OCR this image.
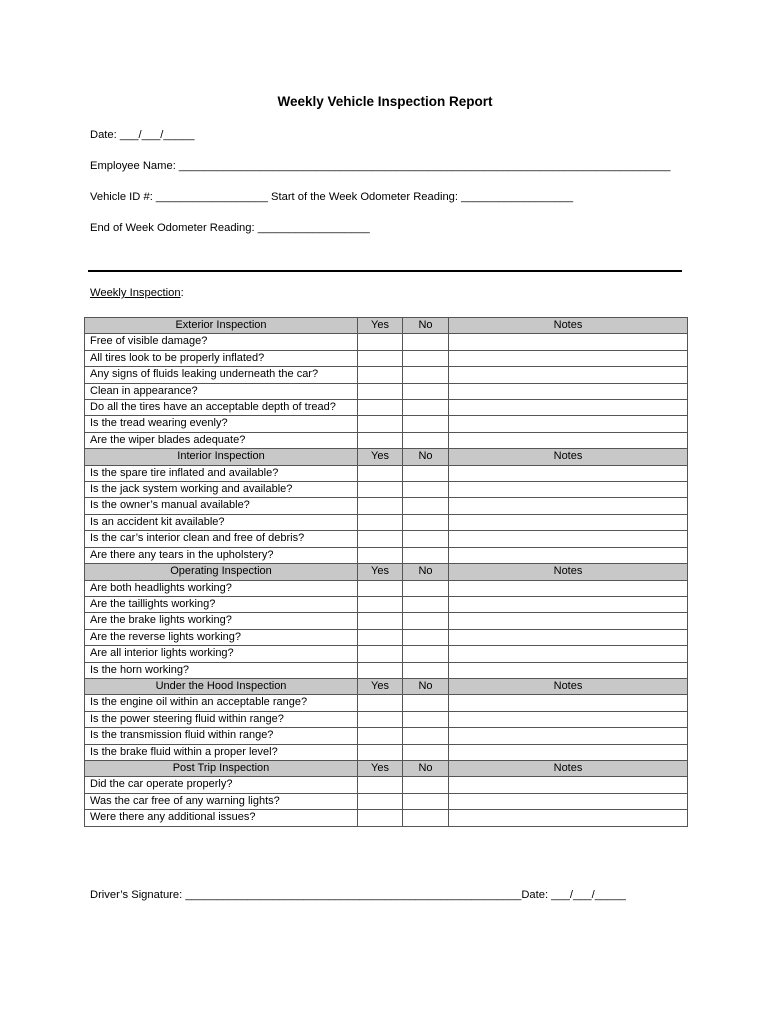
Weekly Vehicle Inspection Report
Date: ___/___/_____
Employee Name: _______________________________________________________________________________
Vehicle ID #: __________________ Start of the Week Odometer Reading: __________________
End of Week Odometer Reading: __________________
Weekly Inspection:
Exterior Inspection	Yes	No	Notes
Free of visible damage?			
All tires look to be properly inflated?			
Any signs of fluids leaking underneath the car?			
Clean in appearance?			
Do all the tires have an acceptable depth of tread?			
Is the tread wearing evenly?			
Are the wiper blades adequate?			
Interior Inspection	Yes	No	Notes
Is the spare tire inflated and available?			
Is the jack system working and available?			
Is the owner’s manual available?			
Is an accident kit available?			
Is the car’s interior clean and free of debris?			
Are there any tears in the upholstery?			
Operating Inspection	Yes	No	Notes
Are both headlights working?			
Are the taillights working?			
Are the brake lights working?			
Are the reverse lights working?			
Are all interior lights working?			
Is the horn working?			
Under the Hood Inspection	Yes	No	Notes
Is the engine oil within an acceptable range?			
Is the power steering fluid within range?			
Is the transmission fluid within range?			
Is the brake fluid within a proper level?			
Post Trip Inspection	Yes	No	Notes
Did the car operate properly?			
Was the car free of any warning lights?			
Were there any additional issues?			
Driver’s Signature: ______________________________________________________Date: ___/___/_____
